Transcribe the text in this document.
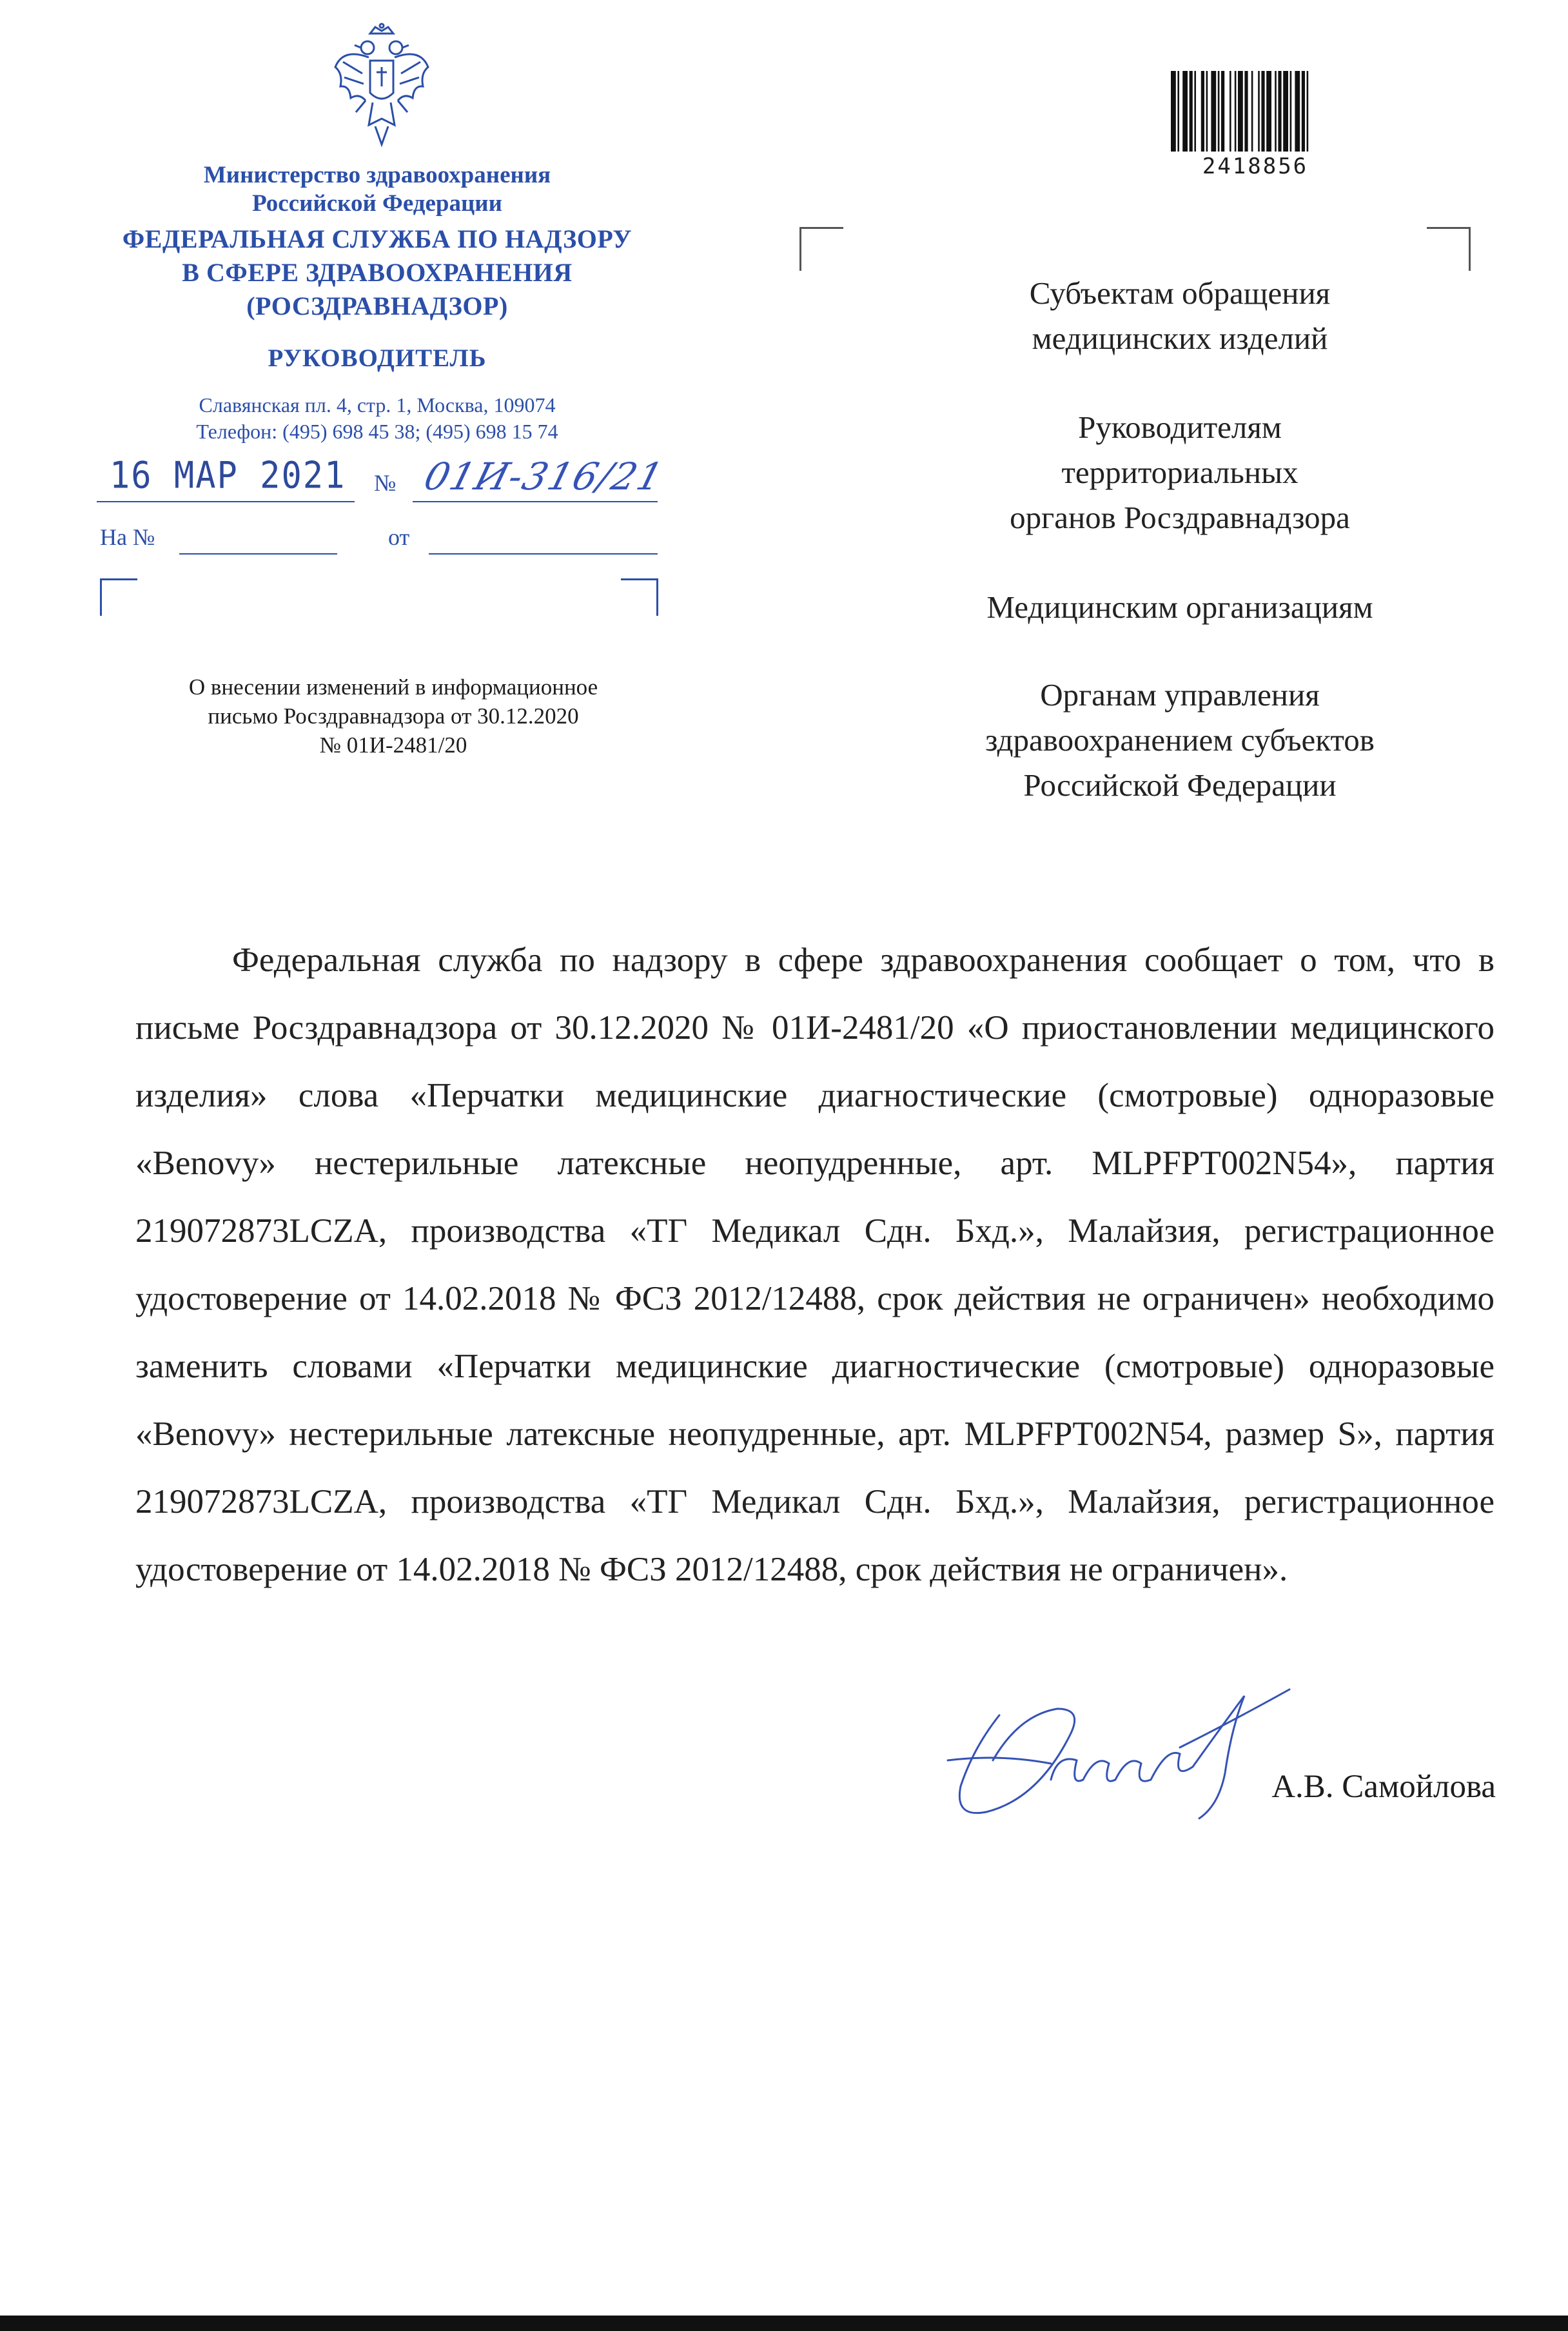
Министерство здравоохранения
Российской Федерации
ФЕДЕРАЛЬНАЯ СЛУЖБА ПО НАДЗОРУ
В СФЕРЕ ЗДРАВООХРАНЕНИЯ
(РОСЗДРАВНАДЗОР)
РУКОВОДИТЕЛЬ
Славянская пл. 4, стр. 1, Москва, 109074
Телефон: (495) 698 45 38; (495) 698 15 74
16 МАР 2021 № 01И-316/21
На №	от
О внесении изменений в информационное
письмо Росздравнадзора от 30.12.2020
№ 01И-2481/20
2418856
Субъектам обращения
медицинских изделий
Руководителям
территориальных
органов Росздравнадзора
Медицинским организациям
Органам управления
здравоохранением субъектов
Российской Федерации
Федеральная служба по надзору в сфере здравоохранения сообщает о том, что в письме Росздравнадзора от 30.12.2020 № 01И-2481/20 «О приостановлении медицинского изделия» слова «Перчатки медицинские диагностические (смотровые) одноразовые «Benovy» нестерильные латексные неопудренные, арт. MLPFPT002N54», партия 219072873LCZA, производства «ТГ Медикал Сдн. Бхд.», Малайзия, регистрационное удостоверение от 14.02.2018 № ФСЗ 2012/12488, срок действия не ограничен» необходимо заменить словами «Перчатки медицинские диагностические (смотровые) одноразовые «Benovy» нестерильные латексные неопудренные, арт. MLPFPT002N54, размер S», партия 219072873LCZA, производства «ТГ Медикал Сдн. Бхд.», Малайзия, регистрационное удостоверение от 14.02.2018 № ФСЗ 2012/12488, срок действия не ограничен».
А.В. Самойлова
